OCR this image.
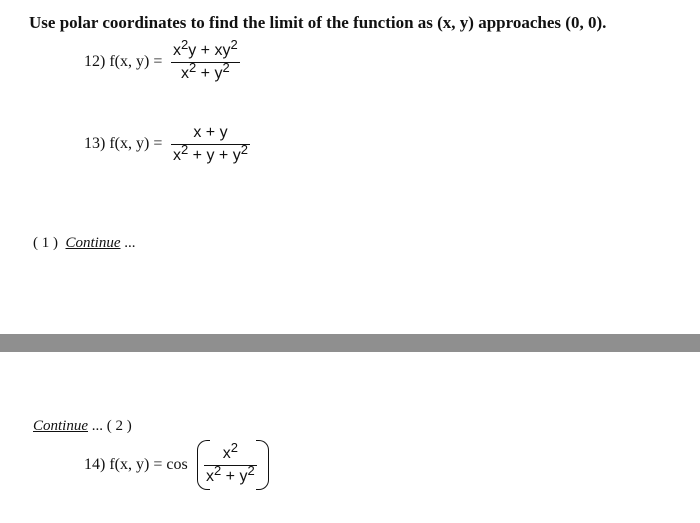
Use polar coordinates to find the limit of the function as (x, y) approaches (0, 0).
12) f(x, y) =
$x^2y + xy^2$
$x^2 + y^2$
13) f(x, y) =
x + y
$x^2 + y + y^2$
( 1 ) Continue ...
Continue ... ( 2 )
14) f(x, y) = cos
$x^2$
$x^2 + y^2$
